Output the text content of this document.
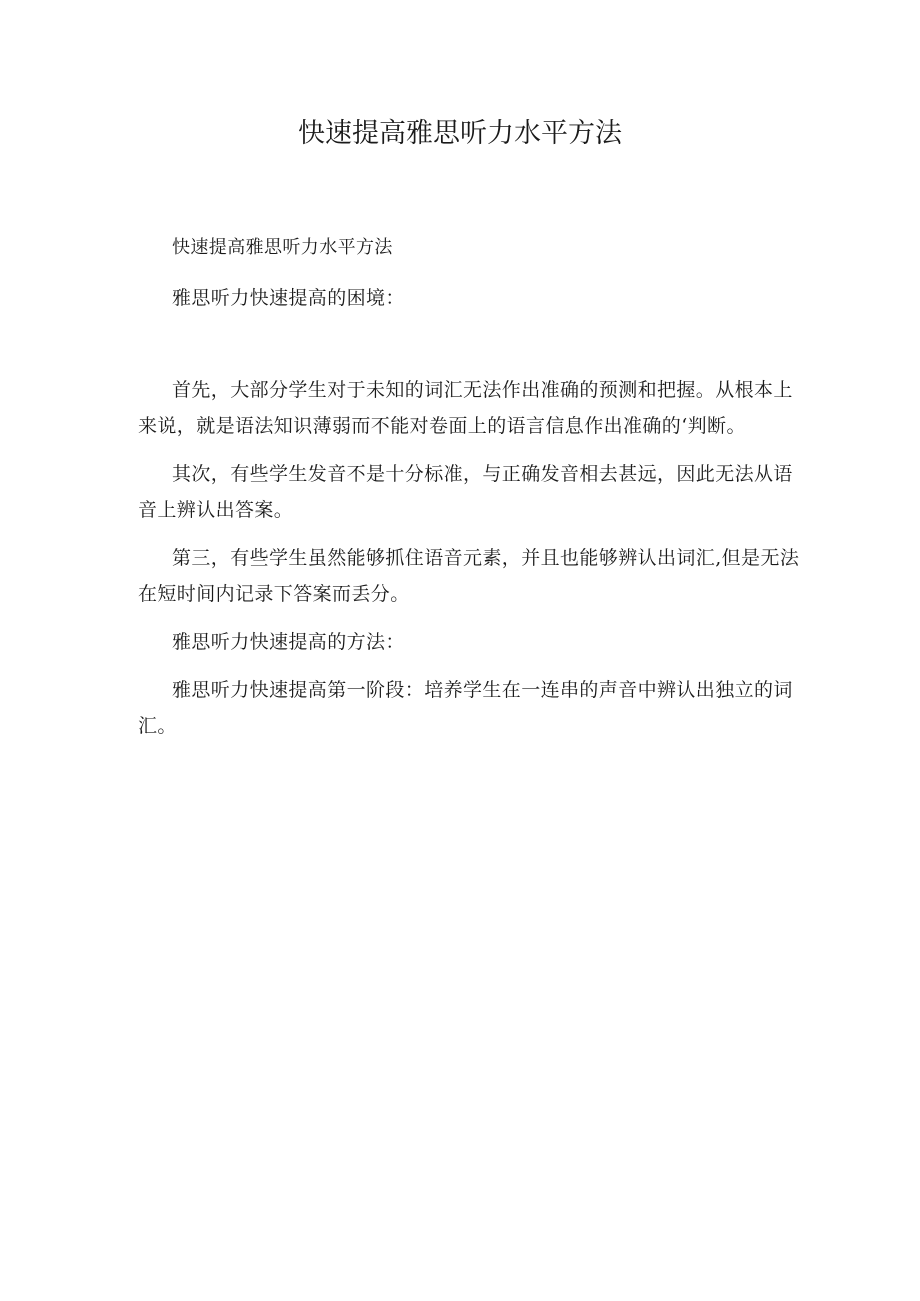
快速提高雅思听力水平方法

快速提高雅思听力水平方法

雅思听力快速提高的困境：

首先，大部分学生对于未知的词汇无法作出准确的预测和把握。从根本上来说，就是语法知识薄弱而不能对卷面上的语言信息作出准确的‘判断。

其次，有些学生发音不是十分标准，与正确发音相去甚远，因此无法从语音上辨认出答案。

第三，有些学生虽然能够抓住语音元素，并且也能够辨认出词汇,但是无法在短时间内记录下答案而丢分。

雅思听力快速提高的方法：

雅思听力快速提高第一阶段：培养学生在一连串的声音中辨认出独立的词汇。
